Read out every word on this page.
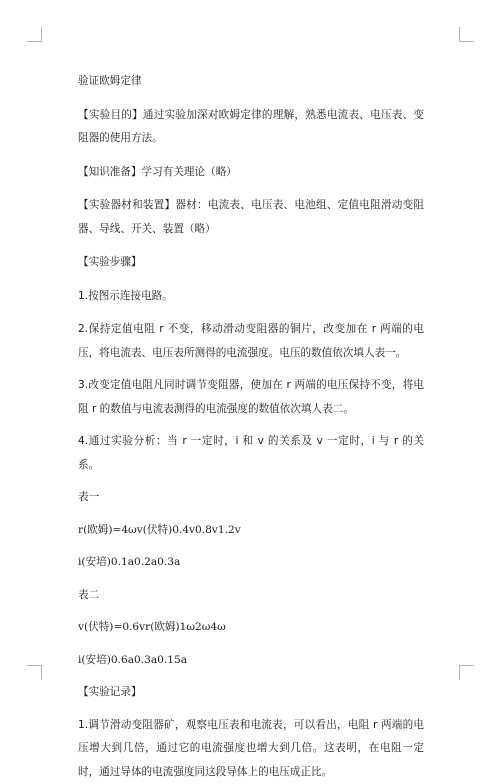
验证欧姆定律

【实验目的】通过实验加深对欧姆定律的理解，熟悉电流表、电压表、变阻器的使用方法。

【知识准备】学习有关理论（略）

【实验器材和装置】器材：电流表、电压表、电池组、定值电阻滑动变阻器、导线、开关、装置（略）

【实验步骤】

1.按图示连接电路。

2.保持定值电阻 r 不变，移动滑动变阻器的铜片，改变加在 r 两端的电压，将电流表、电压表所测得的电流强度。电压的数值依次填人表一。

3.改变定值电阻凡同时调节变阻器，使加在 r 两端的电压保持不变，将电阻 r 的数值与电流表测得的电流强度的数值依次填人表二。

4.通过实验分析：当 r 一定时，i 和 v 的关系及 v 一定时，i 与 r 的关系。

表一

r(欧姆)=4ωv(伏特)0.4v0.8v1.2v

i(安培)0.1a0.2a0.3a

表二

v(伏特)=0.6vr(欧姆)1ω2ω4ω

i(安培)0.6a0.3a0.15a

【实验记录】

1.调节滑动变阻器矿，观察电压表和电流表，可以看出，电阻 r 两端的电压增大到几倍，通过它的电流强度也增大到几倍。这表明，在电阻一定时，通过导体的电流强度同这段导体上的电压成正比。
